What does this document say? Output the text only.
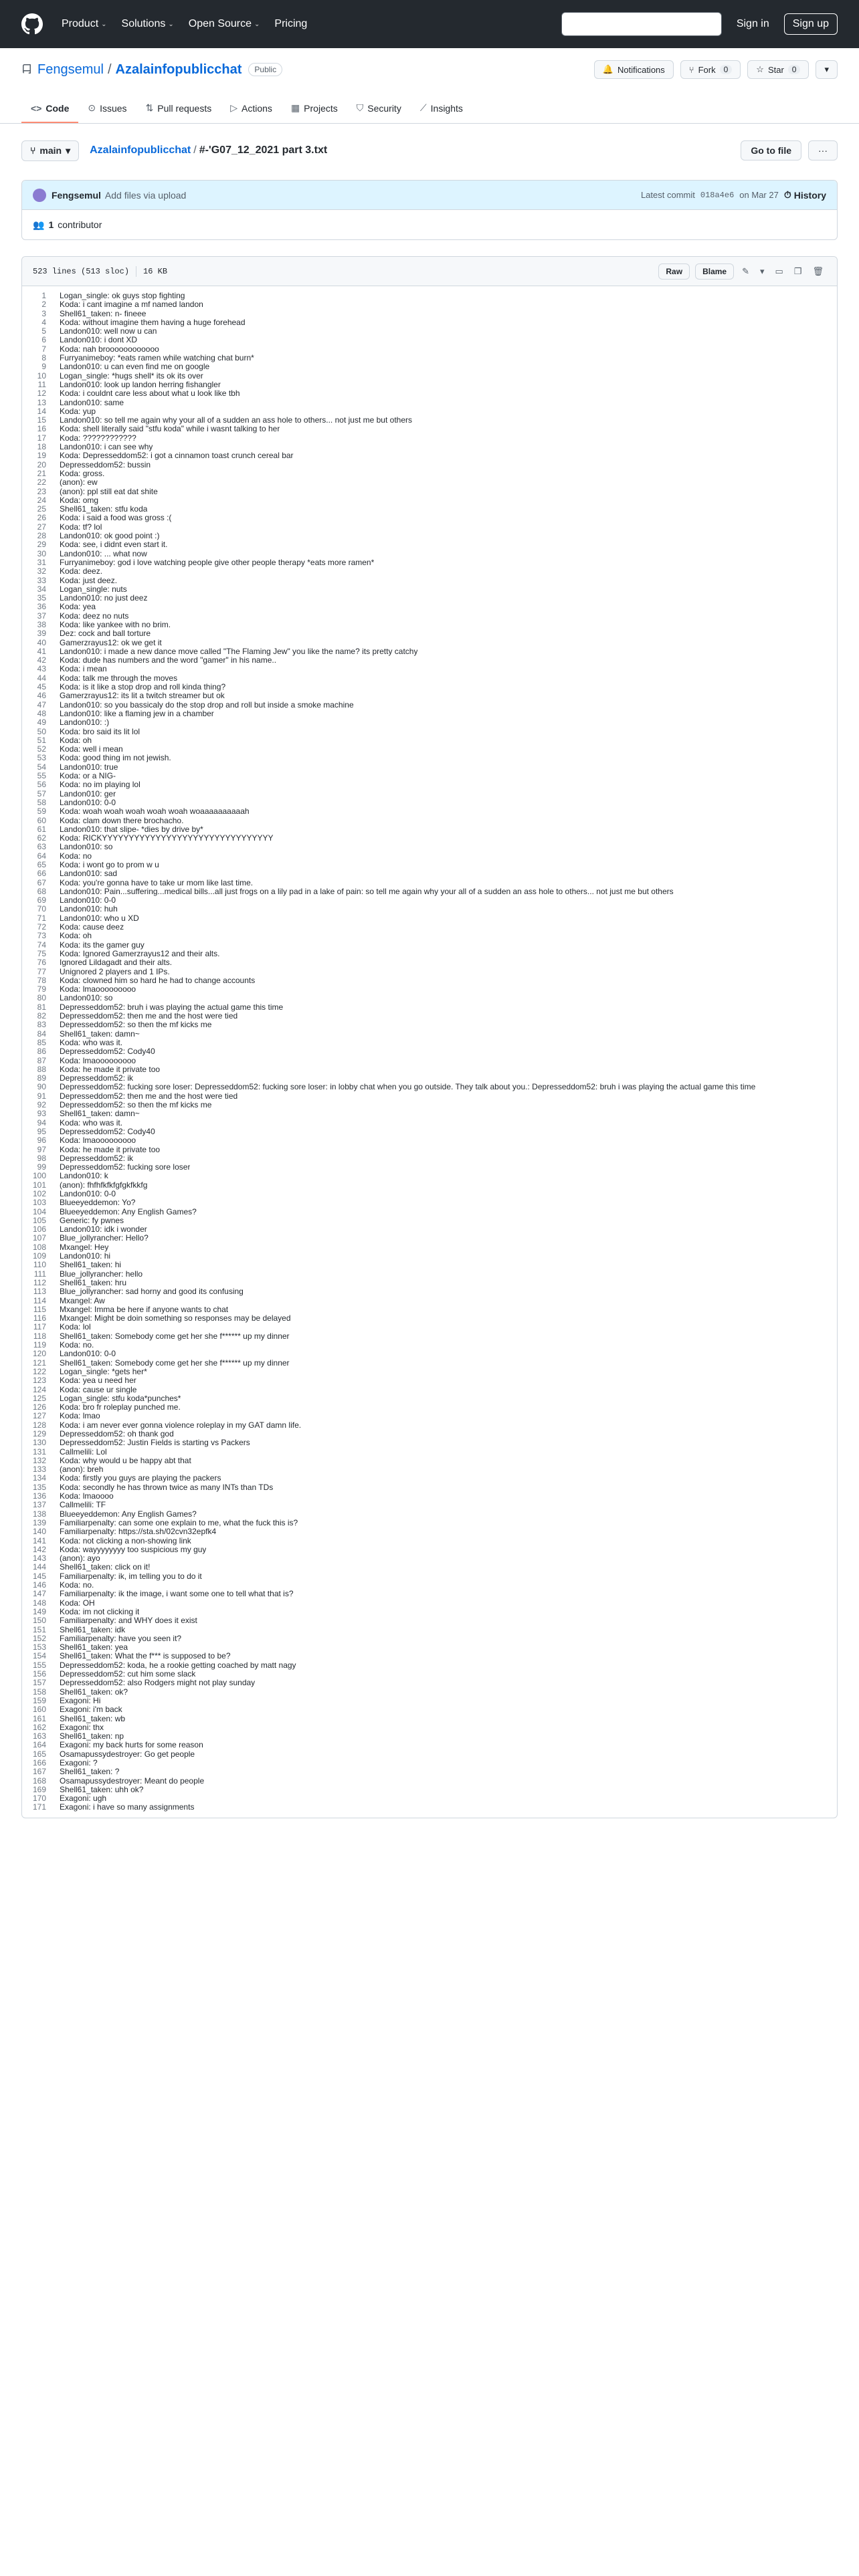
Product ⌄ Solutions ⌄ Open Source ⌄ Pricing	Sign in	Sign up
Fengsemul / Azalainfopublicchat	Public	🔔 Notifications	⑂ Fork	0	☆ Star	0	▾
<> Code ⊙ Issues ⇅ Pull requests ▷ Actions ▦ Projects ⛉ Security ⟋ Insights
⑂ main ▾ Azalainfopublicchat / #-'G07_12_2021 part 3.txt	Go to file	···
Fengsemul Add files via upload	Latest commit 018a4e6 on Mar 27 ⏱ History
👥 1 contributor
523 lines (513 sloc) 16 KB	Raw	Blame	✎	▾	▭	❐	🗑
1	Logan_single: ok guys stop fighting
2	Koda: i cant imagine a mf named landon
3	Shell61_taken: n- fineee
4	Koda: without imagine them having a huge forehead
5	Landon010: well now u can
6	Landon010: i dont XD
7	Koda: nah broooooooooooo
8	Furryanimeboy: *eats ramen while watching chat burn*
9	Landon010: u can even find me on google
10	Logan_single: *hugs shell* its ok its over
11	Landon010: look up landon herring fishangler
12	Koda: i couldnt care less about what u look like tbh
13	Landon010: same
14	Koda: yup
15	Landon010: so tell me again why your all of a sudden an ass hole to others... not just me but others
16	Koda: shell literally said "stfu koda" while i wasnt talking to her
17	Koda: ????????????
18	Landon010: i can see why
19	Koda: Depresseddom52: i got a cinnamon toast crunch cereal bar
20	Depresseddom52: bussin
21	Koda: gross.
22	(anon): ew
23	(anon): ppl still eat dat shite
24	Koda: omg
25	Shell61_taken: stfu koda
26	Koda: i said a food was gross :(
27	Koda: tf? lol
28	Landon010: ok good point :)
29	Koda: see, i didnt even start it.
30	Landon010: ... what now
31	Furryanimeboy: god i love watching people give other people therapy *eats more ramen*
32	Koda: deez.
33	Koda: just deez.
34	Logan_single: nuts
35	Landon010: no just deez
36	Koda: yea
37	Koda: deez no nuts
38	Koda: like yankee with no brim.
39	Dez: cock and ball torture
40	Gamerzrayus12: ok we get it
41	Landon010: i made a new dance move called "The Flaming Jew" you like the name? its pretty catchy
42	Koda: dude has numbers and the word "gamer" in his name..
43	Koda: i mean
44	Koda: talk me through the moves
45	Koda: is it like a stop drop and roll kinda thing?
46	Gamerzrayus12: its lit a twitch streamer but ok
47	Landon010: so you bassicaly do the stop drop and roll but inside a smoke machine
48	Landon010: like a flaming jew in a chamber
49	Landon010: :)
50	Koda: bro said its lit lol
51	Koda: oh
52	Koda: well i mean
53	Koda: good thing im not jewish.
54	Landon010: true
55	Koda: or a NIG-
56	Koda: no im playing lol
57	Landon010: ger
58	Landon010: 0-0
59	Koda: woah woah woah woah woah woaaaaaaaaaah
60	Koda: clam down there brochacho.
61	Landon010: that slipe- *dies by drive by*
62	Koda: RICKYYYYYYYYYYYYYYYYYYYYYYYYYYYYYYYY
63	Landon010: so
64	Koda: no
65	Koda: i wont go to prom w u
66	Landon010: sad
67	Koda: you're gonna have to take ur mom like last time.
68	Landon010: Pain...suffering...medical bills...all just frogs on a lily pad in a lake of pain: so tell me again why your all of a sudden an ass hole to others... not just me but others
69	Landon010: 0-0
70	Landon010: huh
71	Landon010: who u XD
72	Koda: cause deez
73	Koda: oh
74	Koda: its the gamer guy
75	Koda: Ignored Gamerzrayus12 and their alts.
76	Ignored Lildagadt and their alts.
77	Unignored 2 players and 1 IPs.
78	Koda: clowned him so hard he had to change accounts
79	Koda: lmaooooooooo
80	Landon010: so
81	Depresseddom52: bruh i was playing the actual game this time
82	Depresseddom52: then me and the host were tied
83	Depresseddom52: so then the mf kicks me
84	Shell61_taken: damn~
85	Koda: who was it.
86	Depresseddom52: Cody40
87	Koda: lmaooooooooo
88	Koda: he made it private too
89	Depresseddom52: ik
90	Depresseddom52: fucking sore loser: Depresseddom52: fucking sore loser: in lobby chat when you go outside. They talk about you.: Depresseddom52: bruh i was playing the actual game this time
91	Depresseddom52: then me and the host were tied
92	Depresseddom52: so then the mf kicks me
93	Shell61_taken: damn~
94	Koda: who was it.
95	Depresseddom52: Cody40
96	Koda: lmaooooooooo
97	Koda: he made it private too
98	Depresseddom52: ik
99	Depresseddom52: fucking sore loser
100	Landon010: k
101	(anon): fhfhfkfkfgfgkfkkfg
102	Landon010: 0-0
103	Blueeyeddemon: Yo?
104	Blueeyeddemon: Any English Games?
105	Generic: fy pwnes
106	Landon010: idk i wonder
107	Blue_jollyrancher: Hello?
108	Mxangel: Hey
109	Landon010: hi
110	Shell61_taken: hi
111	Blue_jollyrancher: hello
112	Shell61_taken: hru
113	Blue_jollyrancher: sad horny and good its confusing
114	Mxangel: Aw
115	Mxangel: Imma be here if anyone wants to chat
116	Mxangel: Might be doin something so responses may be delayed
117	Koda: lol
118	Shell61_taken: Somebody come get her she f****** up my dinner
119	Koda: no.
120	Landon010: 0-0
121	Shell61_taken: Somebody come get her she f****** up my dinner
122	Logan_single: *gets her*
123	Koda: yea u need her
124	Koda: cause ur single
125	Logan_single: stfu koda*punches*
126	Koda: bro fr roleplay punched me.
127	Koda: lmao
128	Koda: i am never ever gonna violence roleplay in my GAT damn life.
129	Depresseddom52: oh thank god
130	Depresseddom52: Justin Fields is starting vs Packers
131	Callmelili: Lol
132	Koda: why would u be happy abt that
133	(anon): breh
134	Koda: firstly you guys are playing the packers
135	Koda: secondly he has thrown twice as many INTs than TDs
136	Koda: lmaoooo
137	Callmelili: TF
138	Blueeyeddemon: Any English Games?
139	Familiarpenalty: can some one explain to me, what the fuck this is?
140	Familiarpenalty: https://sta.sh/02cvn32epfk4
141	Koda: not clicking a non-showing link
142	Koda: wayyyyyyyy too suspicious my guy
143	(anon): ayo
144	Shell61_taken: click on it!
145	Familiarpenalty: ik, im telling you to do it
146	Koda: no.
147	Familiarpenalty: ik the image, i want some one to tell what that is?
148	Koda: OH
149	Koda: im not clicking it
150	Familiarpenalty: and WHY does it exist
151	Shell61_taken: idk
152	Familiarpenalty: have you seen it?
153	Shell61_taken: yea
154	Shell61_taken: What the f*** is supposed to be?
155	Depresseddom52: koda, he a rookie getting coached by matt nagy
156	Depresseddom52: cut him some slack
157	Depresseddom52: also Rodgers might not play sunday
158	Shell61_taken: ok?
159	Exagoni: Hi
160	Exagoni: i'm back
161	Shell61_taken: wb
162	Exagoni: thx
163	Shell61_taken: np
164	Exagoni: my back hurts for some reason
165	Osamapussydestroyer: Go get people
166	Exagoni: ?
167	Shell61_taken: ?
168	Osamapussydestroyer: Meant do people
169	Shell61_taken: uhh ok?
170	Exagoni: ugh
171	Exagoni: i have so many assignments
